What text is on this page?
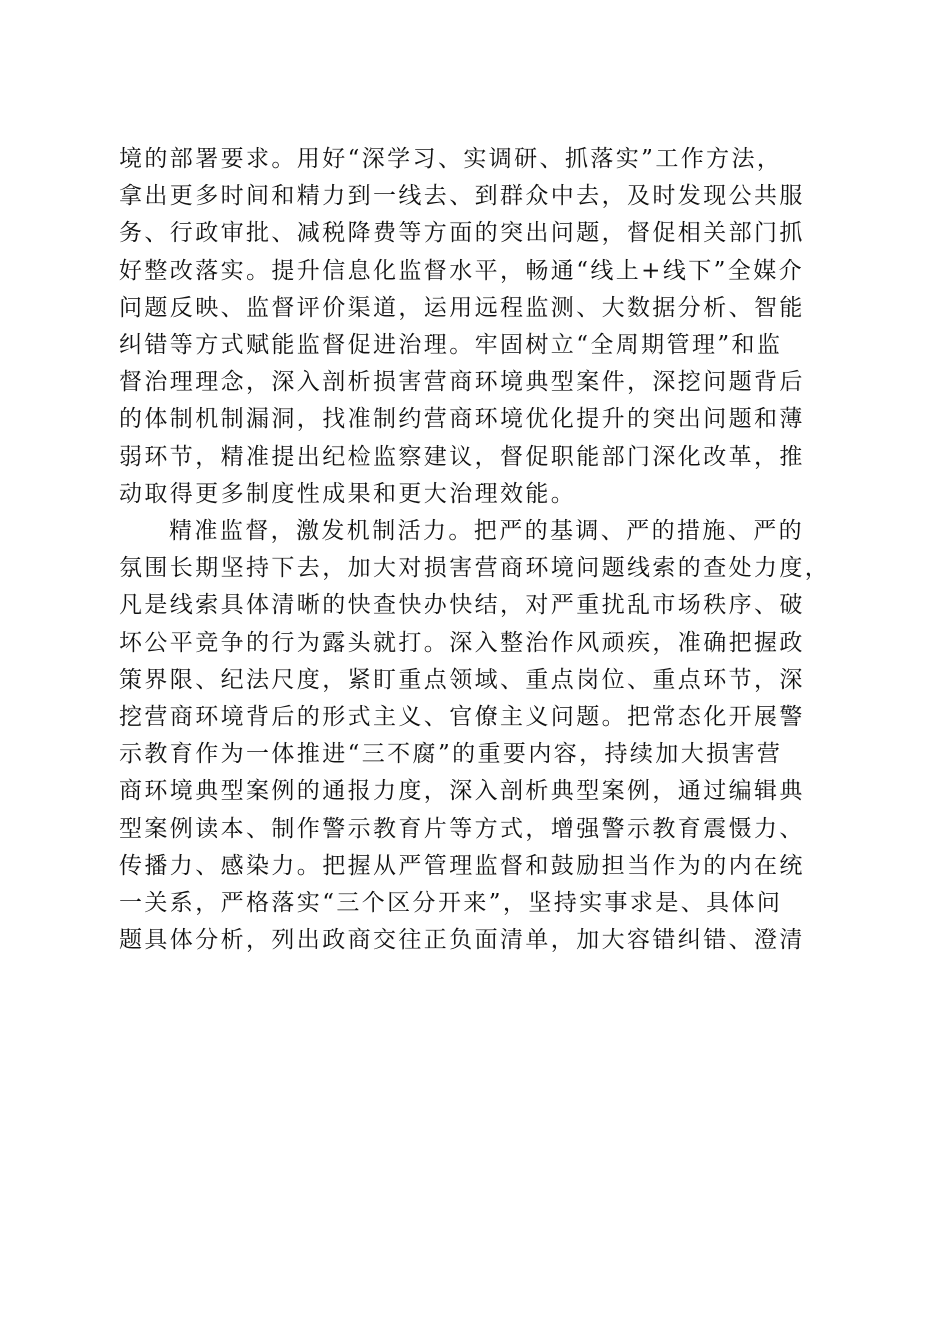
境的部署要求。用好“深学习、实调研、抓落实”工作方法，
拿出更多时间和精力到一线去、到群众中去，及时发现公共服
务、行政审批、减税降费等方面的突出问题，督促相关部门抓
好整改落实。提升信息化监督水平，畅通“线上+线下”全媒介
问题反映、监督评价渠道，运用远程监测、大数据分析、智能
纠错等方式赋能监督促进治理。牢固树立“全周期管理”和监
督治理理念，深入剖析损害营商环境典型案件，深挖问题背后
的体制机制漏洞，找准制约营商环境优化提升的突出问题和薄
弱环节，精准提出纪检监察建议，督促职能部门深化改革，推
动取得更多制度性成果和更大治理效能。
精准监督，激发机制活力。把严的基调、严的措施、严的
氛围长期坚持下去，加大对损害营商环境问题线索的查处力度，
凡是线索具体清晰的快查快办快结，对严重扰乱市场秩序、破
坏公平竞争的行为露头就打。深入整治作风顽疾，准确把握政
策界限、纪法尺度，紧盯重点领域、重点岗位、重点环节，深
挖营商环境背后的形式主义、官僚主义问题。把常态化开展警
示教育作为一体推进“三不腐”的重要内容，持续加大损害营
商环境典型案例的通报力度，深入剖析典型案例，通过编辑典
型案例读本、制作警示教育片等方式，增强警示教育震慑力、
传播力、感染力。把握从严管理监督和鼓励担当作为的内在统
一关系，严格落实“三个区分开来”，坚持实事求是、具体问
题具体分析，列出政商交往正负面清单，加大容错纠错、澄清
